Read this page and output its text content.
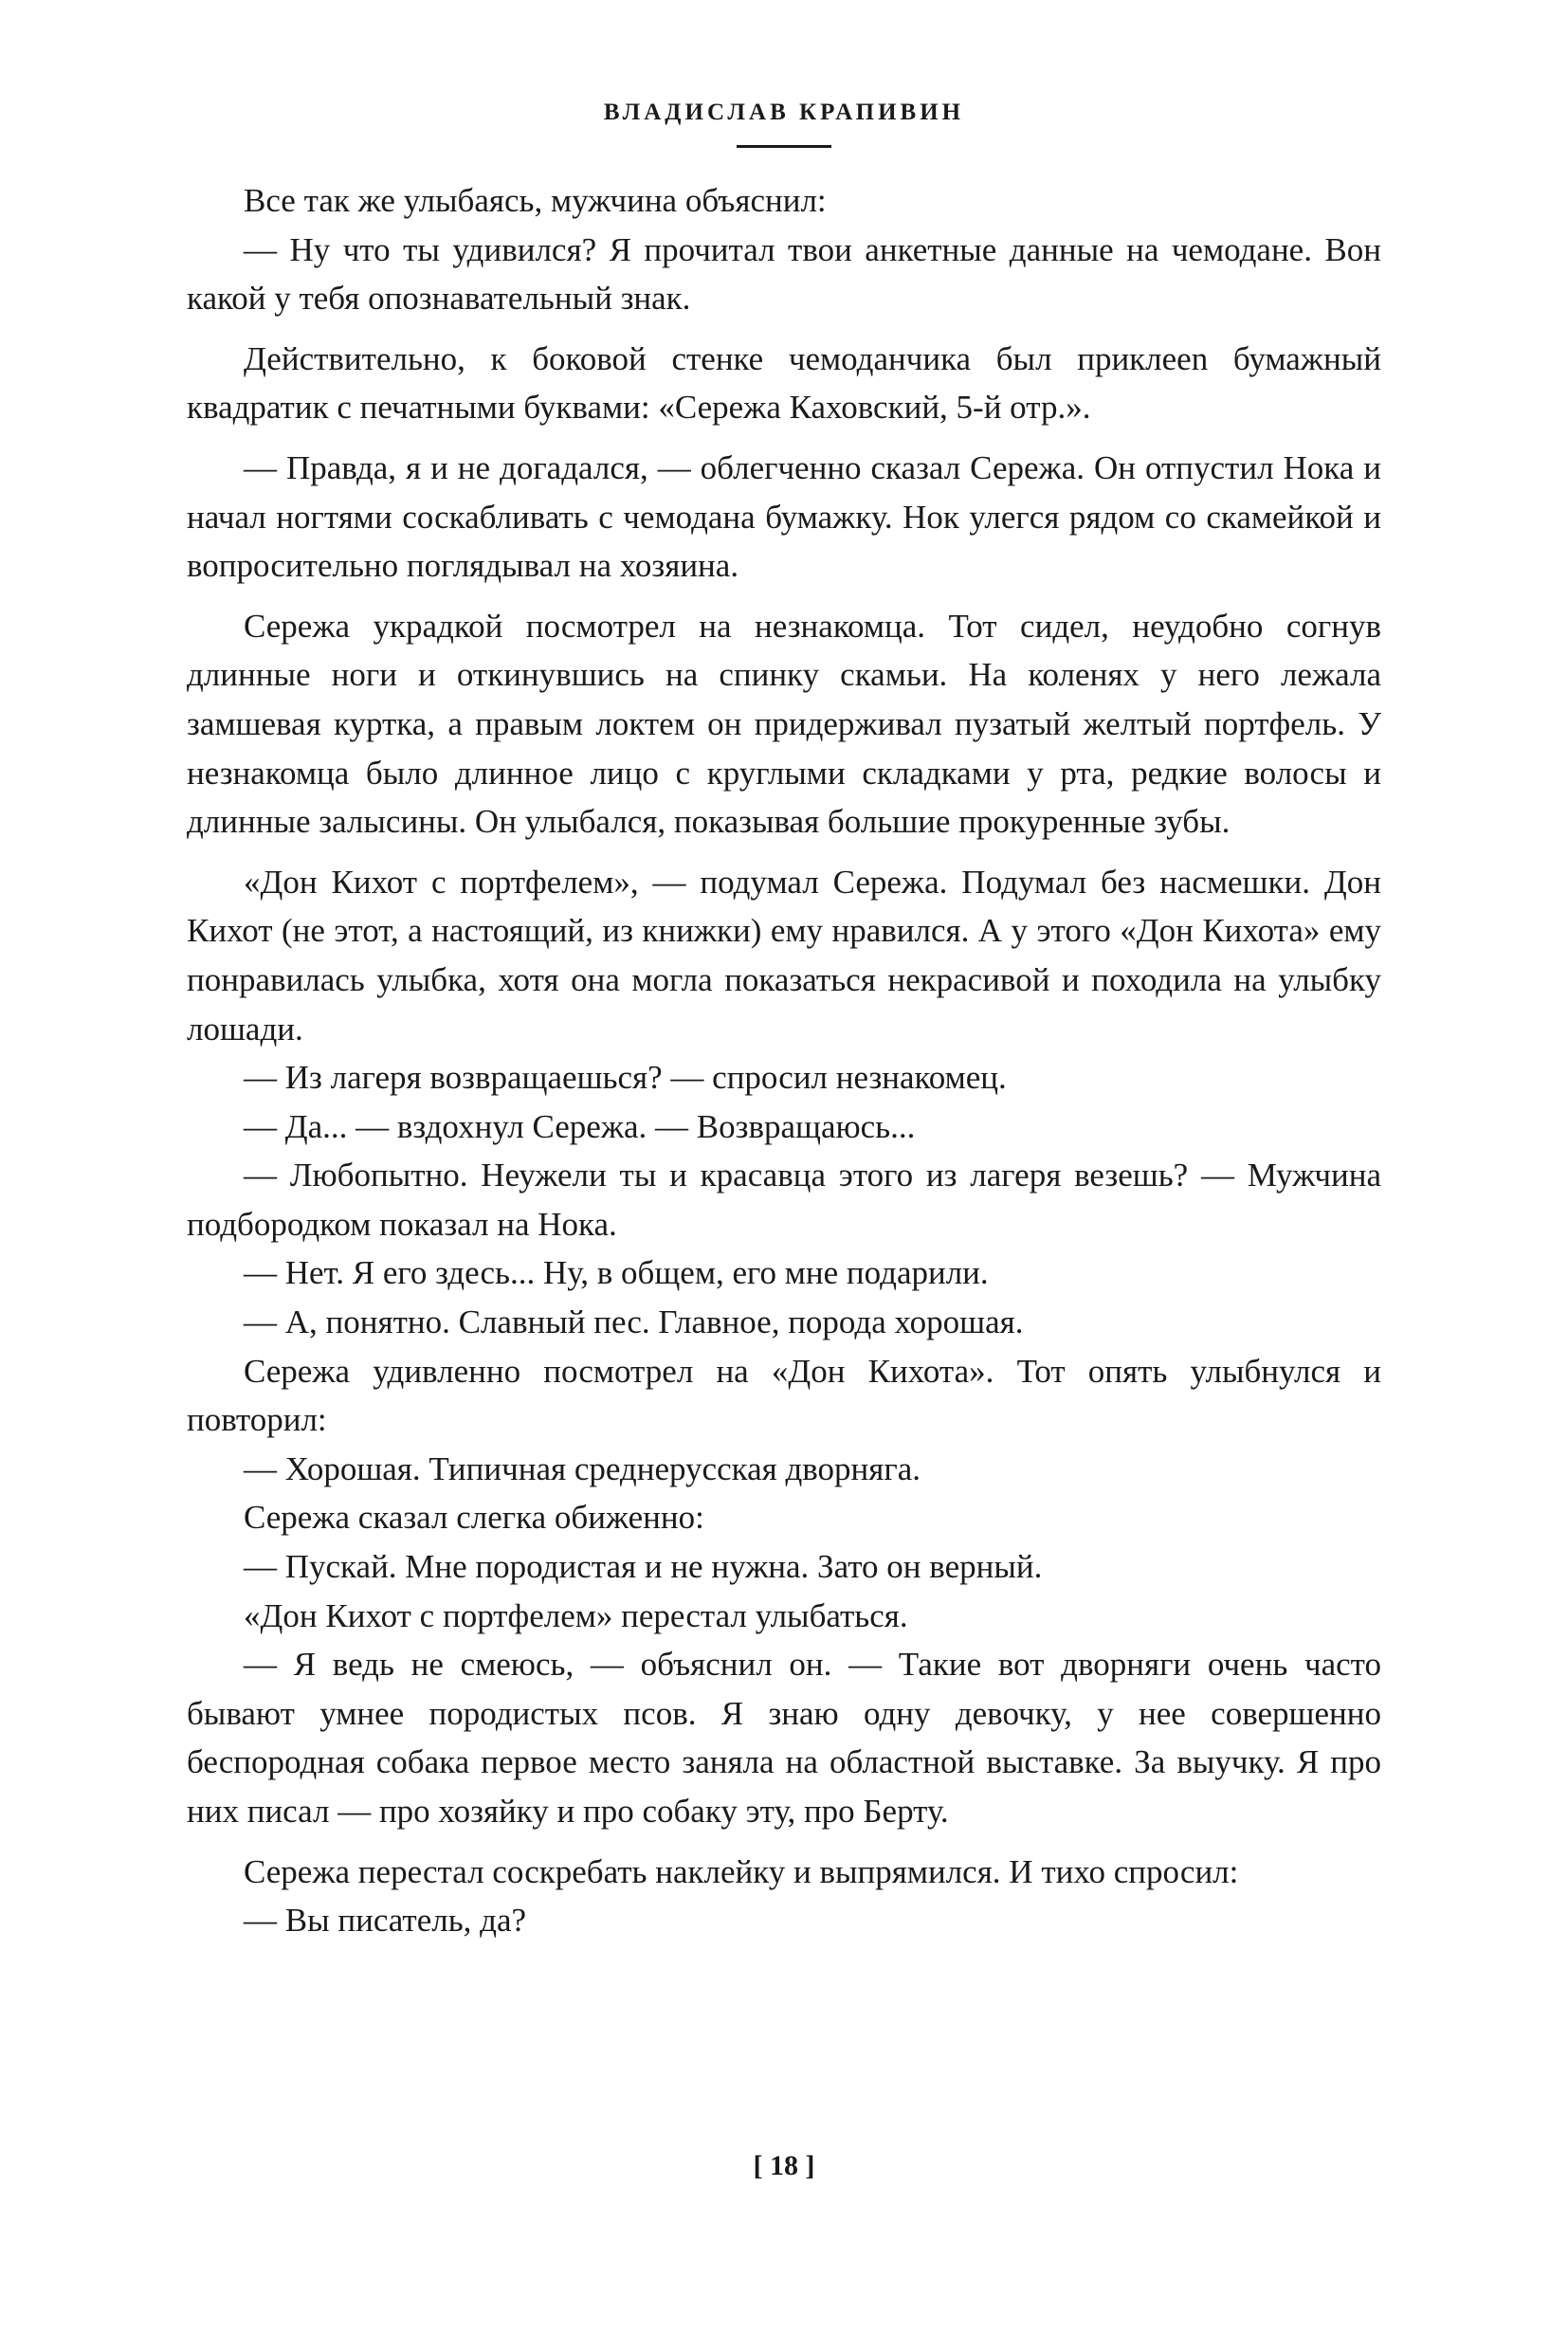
ВЛАДИСЛАВ КРАПИВИН

Все так же улыбаясь, мужчина объяснил:

— Ну что ты удивился? Я прочитал твои анкетные данные на чемодане. Вон какой у тебя опознавательный знак.

Действительно, к боковой стенке чемоданчика был приклеen бумажный квадратик с печатными буквами: «Сережа Каховский, 5-й отр.».

— Правда, я и не догадался, — облегченно сказал Сережа. Он отпустил Нока и начал ногтями соскабливать с чемодана бумажку. Нок улегся рядом со скамейкой и вопросительно поглядывал на хозяина.

Сережа украдкой посмотрел на незнакомца. Тот сидел, неудобно согнув длинные ноги и откинувшись на спинку скамьи. На коленях у него лежала замшевая куртка, а правым локтем он придерживал пузатый желтый портфель. У незнакомца было длинное лицо с круглыми складками у рта, редкие волосы и длинные залысины. Он улыбался, показывая большие прокуренные зубы.

«Дон Кихот с портфелем», — подумал Сережа. Подумал без насмешки. Дон Кихот (не этот, а настоящий, из книжки) ему нравился. А у этого «Дон Кихота» ему понравилась улыбка, хотя она могла показаться некрасивой и походила на улыбку лошади.

— Из лагеря возвращаешься? — спросил незнакомец.

— Да... — вздохнул Сережа. — Возвращаюсь...

— Любопытно. Неужели ты и красавца этого из лагеря везешь? — Мужчина подбородком показал на Нока.

— Нет. Я его здесь... Ну, в общем, его мне подарили.

— А, понятно. Славный пес. Главное, порода хорошая.

Сережа удивленно посмотрел на «Дон Кихота». Тот опять улыбнулся и повторил:

— Хорошая. Типичная среднерусская дворняга.

Сережа сказал слегка обиженно:

— Пускай. Мне породистая и не нужна. Зато он верный.

«Дон Кихот с портфелем» перестал улыбаться.

— Я ведь не смеюсь, — объяснил он. — Такие вот дворняги очень часто бывают умнее породистых псов. Я знаю одну девочку, у нее совершенно беспородная собака первое место заняла на областной выставке. За выучку. Я про них писал — про хозяйку и про собаку эту, про Берту.

Сережа перестал соскребать наклейку и выпрямился. И тихо спросил:

— Вы писатель, да?

[ 18 ]
